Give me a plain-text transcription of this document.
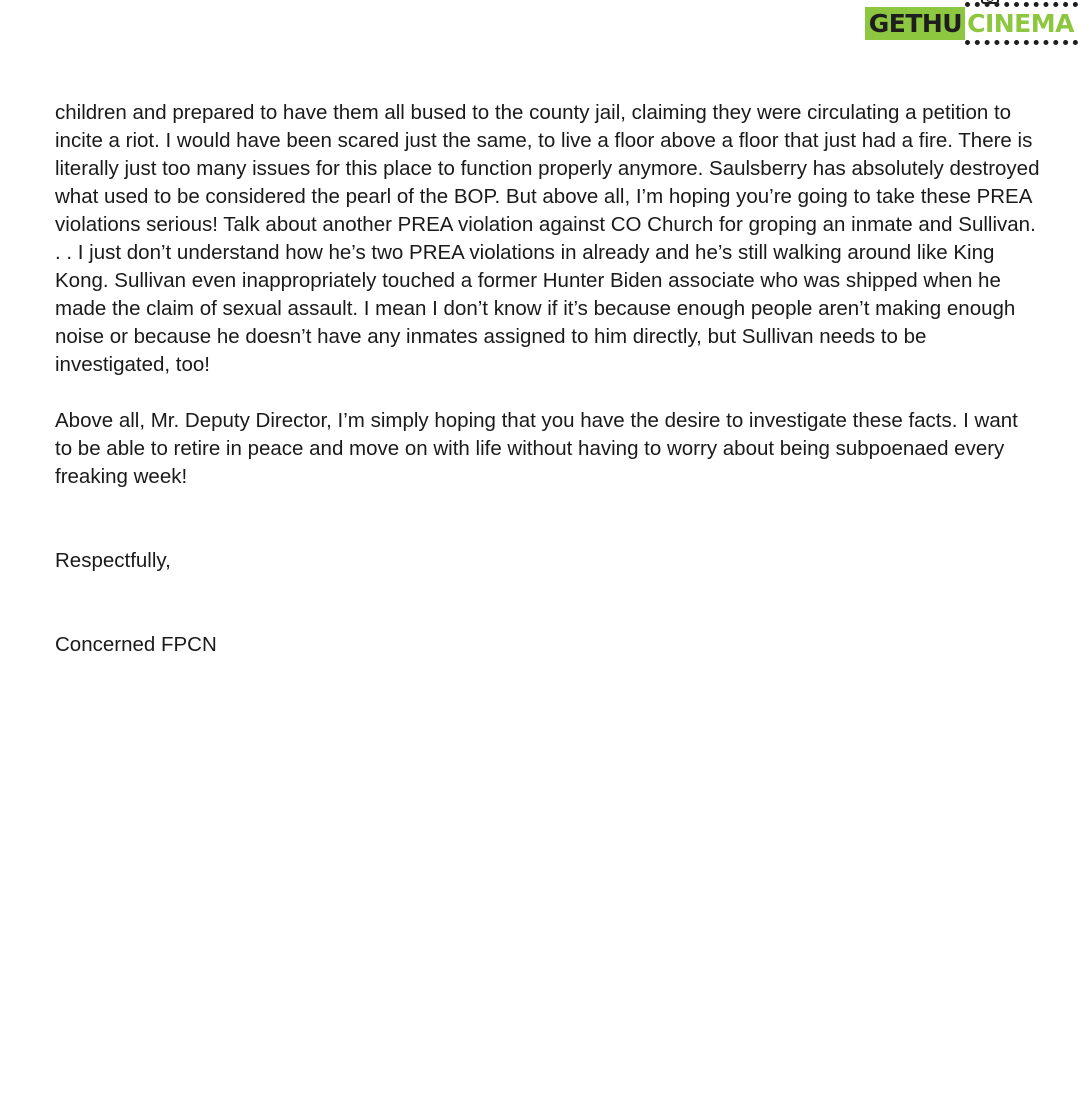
GETHU CINEMA

children and prepared to have them all bused to the county jail, claiming they were circulating a petition to incite a riot. I would have been scared just the same, to live a floor above a floor that just had a fire. There is literally just too many issues for this place to function properly anymore. Saulsberry has absolutely destroyed what used to be considered the pearl of the BOP. But above all, I’m hoping you’re going to take these PREA violations serious! Talk about another PREA violation against CO Church for groping an inmate and Sullivan. . . I just don’t understand how he’s two PREA violations in already and he’s still walking around like King Kong. Sullivan even inappropriately touched a former Hunter Biden associate who was shipped when he made the claim of sexual assault. I mean I don’t know if it’s because enough people aren’t making enough noise or because he doesn’t have any inmates assigned to him directly, but Sullivan needs to be investigated, too!

Above all, Mr. Deputy Director, I’m simply hoping that you have the desire to investigate these facts. I want to be able to retire in peace and move on with life without having to worry about being subpoenaed every freaking week!

Respectfully,

Concerned FPCN
